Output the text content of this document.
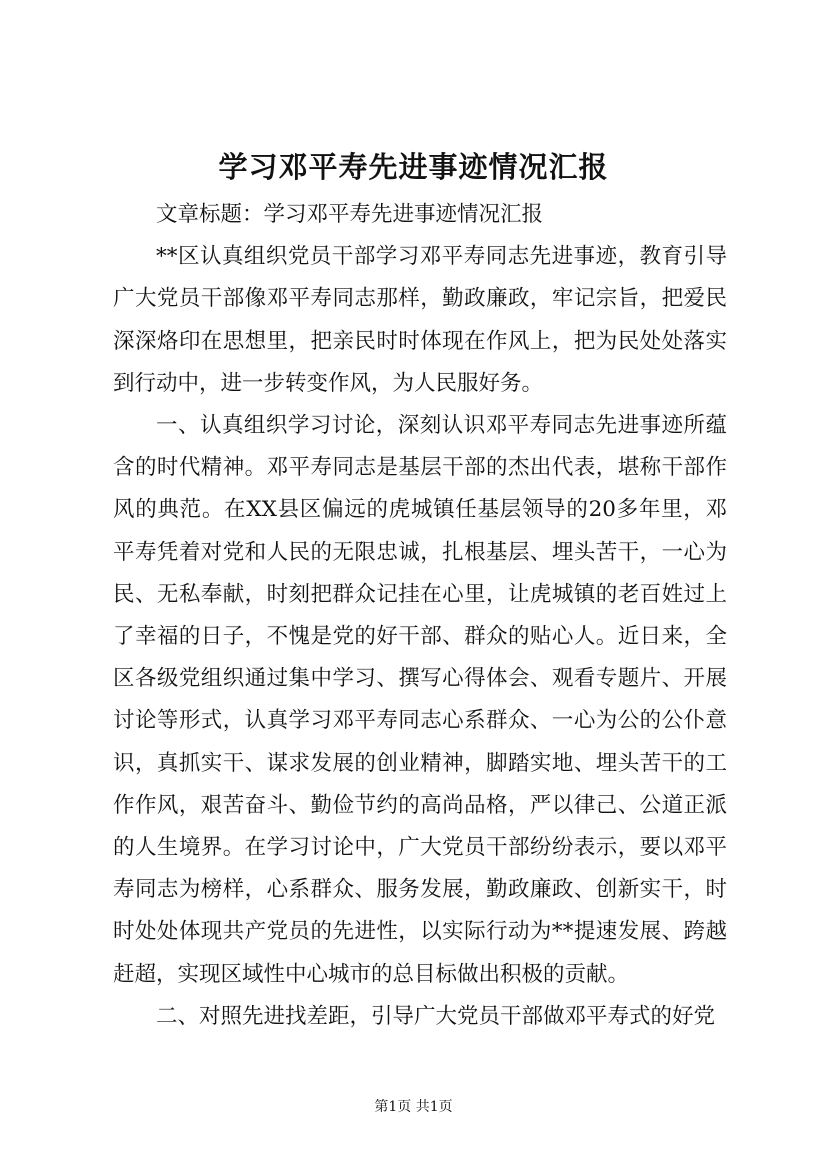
学习邓平寿先进事迹情况汇报

文章标题：学习邓平寿先进事迹情况汇报

**区认真组织党员干部学习邓平寿同志先进事迹，教育引导广大党员干部像邓平寿同志那样，勤政廉政，牢记宗旨，把爱民深深烙印在思想里，把亲民时时体现在作风上，把为民处处落实到行动中，进一步转变作风，为人民服好务。

一、认真组织学习讨论，深刻认识邓平寿同志先进事迹所蕴含的时代精神。邓平寿同志是基层干部的杰出代表，堪称干部作风的典范。在XX县区偏远的虎城镇任基层领导的20多年里，邓平寿凭着对党和人民的无限忠诚，扎根基层、埋头苦干，一心为民、无私奉献，时刻把群众记挂在心里，让虎城镇的老百姓过上了幸福的日子，不愧是党的好干部、群众的贴心人。近日来，全区各级党组织通过集中学习、撰写心得体会、观看专题片、开展讨论等形式，认真学习邓平寿同志心系群众、一心为公的公仆意识，真抓实干、谋求发展的创业精神，脚踏实地、埋头苦干的工作作风，艰苦奋斗、勤俭节约的高尚品格，严以律己、公道正派的人生境界。在学习讨论中，广大党员干部纷纷表示，要以邓平寿同志为榜样，心系群众、服务发展，勤政廉政、创新实干，时时处处体现共产党员的先进性，以实际行动为**提速发展、跨越赶超，实现区域性中心城市的总目标做出积极的贡献。

二、对照先进找差距，引导广大党员干部做邓平寿式的好党

第1页 共1页
